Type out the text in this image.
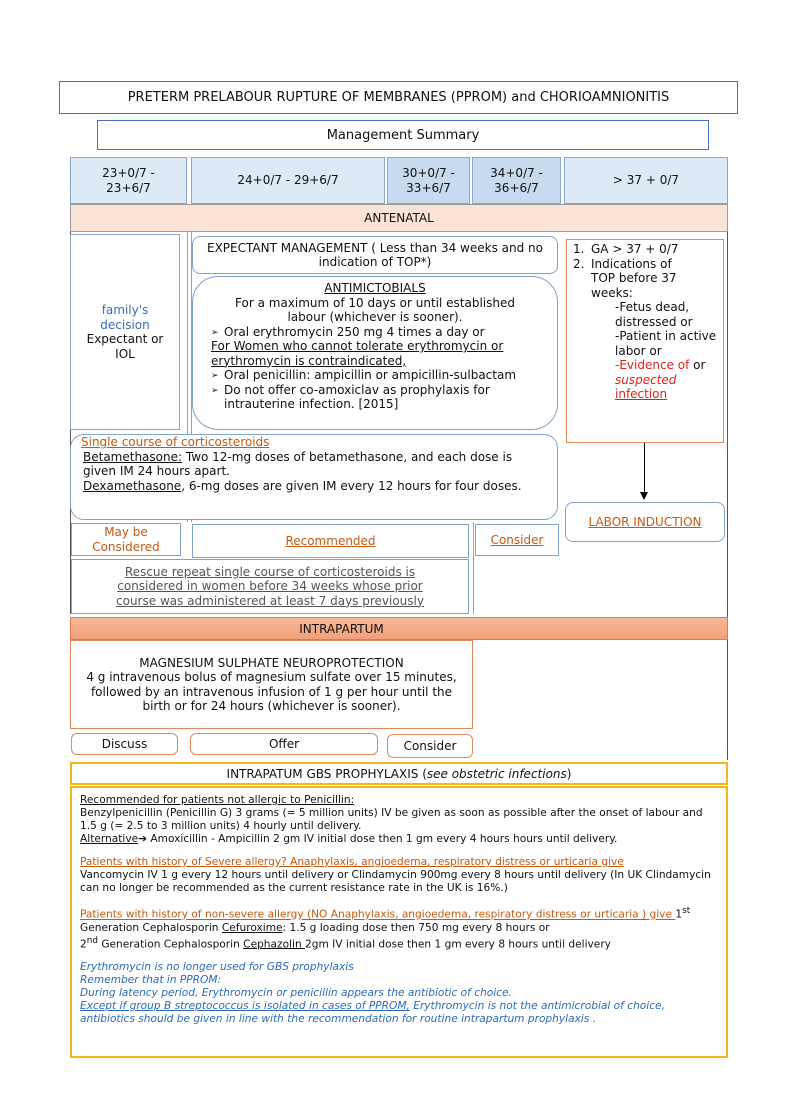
PRETERM PRELABOUR RUPTURE OF MEMBRANES (PPROM) and CHORIOAMNIONITIS
Management Summary
23+0/7 - 23+6/7
24+0/7 - 29+6/7
30+0/7 - 33+6/7
34+0/7 - 36+6/7
> 37 + 0/7
ANTENATAL
family's decision
Expectant or IOL
EXPECTANT MANAGEMENT ( Less than 34 weeks and no indication of TOP*)
ANTIMICTOBIALS
For a maximum of 10 days or until established labour (whichever is sooner).
➢ Oral erythromycin 250 mg 4 times a day or
For Women who cannot tolerate erythromycin or erythromycin is contraindicated,
➢ Oral penicillin: ampicillin or ampicillin-sulbactam
➢ Do not offer co-amoxiclav as prophylaxis for intrauterine infection. [2015]
1. GA > 37 + 0/7
2. Indications of TOP before 37 weeks:
-Fetus dead, distressed or
-Patient in active labor or
-Evidence of or suspected infection
LABOR INDUCTION
Single course of corticosteroids
Betamethasone: Two 12-mg doses of betamethasone, and each dose is given IM 24 hours apart.
Dexamethasone, 6-mg doses are given IM every 12 hours for four doses.
May be Considered	Recommended	Consider
Rescue repeat single course of corticosteroids is considered in women before 34 weeks whose prior course was administered at least 7 days previously
INTRAPARTUM
MAGNESIUM SULPHATE NEUROPROTECTION
4 g intravenous bolus of magnesium sulfate over 15 minutes, followed by an intravenous infusion of 1 g per hour until the birth or for 24 hours (whichever is sooner).
Discuss	Offer	Consider
INTRAPATUM GBS PROPHYLAXIS ( see obstetric infections )

Recommended for patients not allergic to Penicillin:
Benzylpenicillin (Penicillin G) 3 grams (= 5 million units) IV be given as soon as possible after the onset of labour and 1.5 g (= 2.5 to 3 million units) 4 hourly until delivery.
Alternative➔ Amoxicillin - Ampicillin 2 gm IV initial dose then 1 gm every 4 hours hours until delivery.

Patients with history of Severe allergy? Anaphylaxis, angioedema, respiratory distress or urticaria give
Vancomycin IV 1 g every 12 hours until delivery or Clindamycin 900mg every 8 hours until delivery (In UK Clindamycin can no longer be recommended as the current resistance rate in the UK is 16%.)

Patients with history of non-severe allergy (NO Anaphylaxis, angioedema, respiratory distress or urticaria ) give 1st Generation Cephalosporin Cefuroxime: 1.5 g loading dose then 750 mg every 8 hours or
2nd Generation Cephalosporin Cephazolin 2gm IV initial dose then 1 gm every 8 hours until delivery

Erythromycin is no longer used for GBS prophylaxis
Remember that in PPROM:
During latency period, Erythromycin or penicillin appears the antibiotic of choice.
Except if group B streptococcus is isolated in cases of PPROM, Erythromycin is not the antimicrobial of choice, antibiotics should be given in line with the recommendation for routine intrapartum prophylaxis .
